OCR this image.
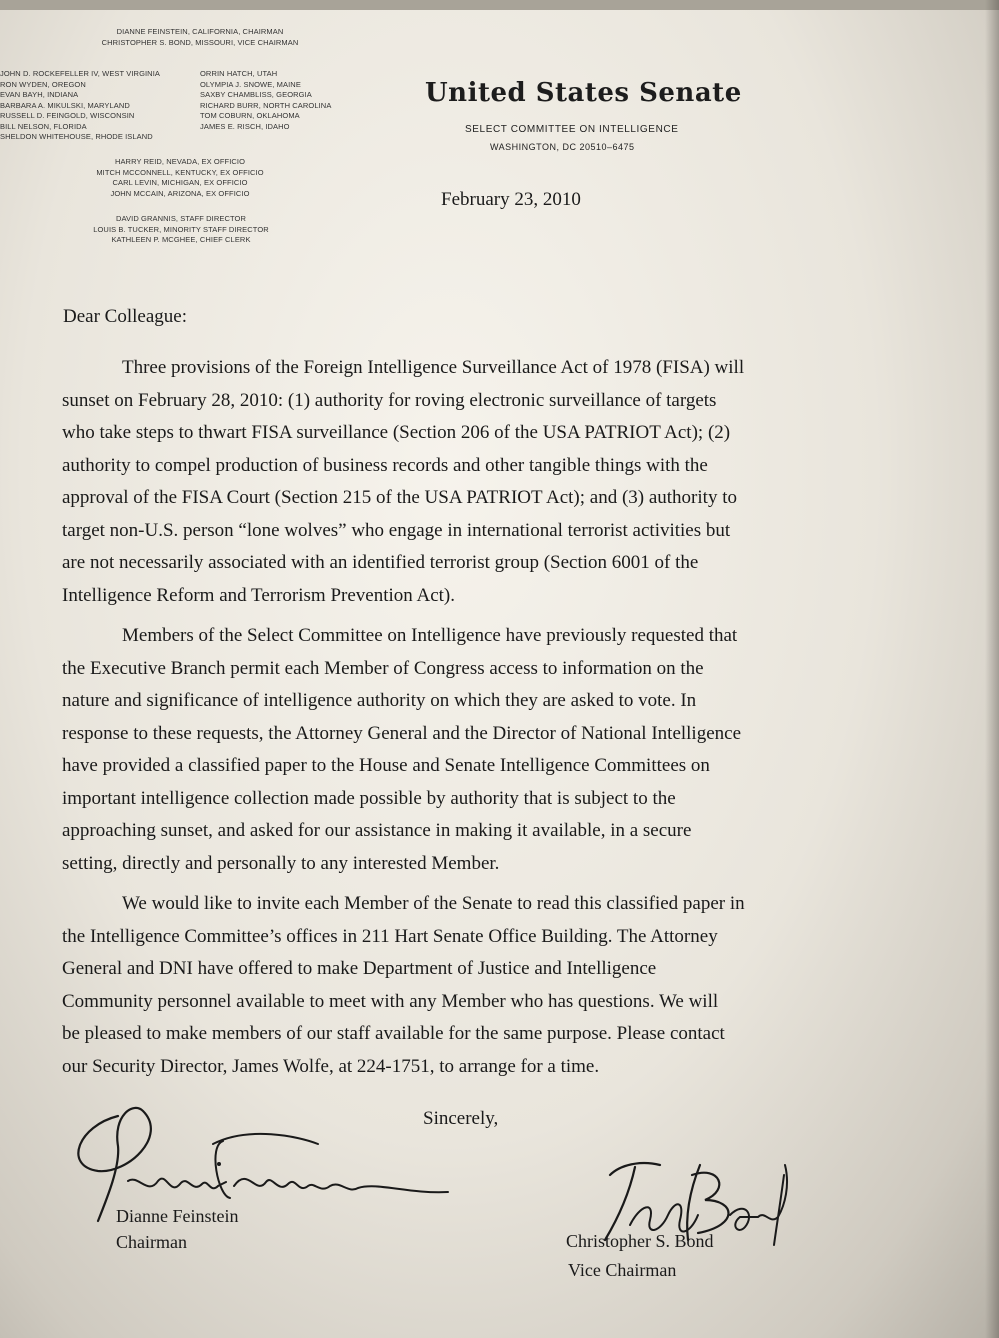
DIANNE FEINSTEIN, CALIFORNIA, CHAIRMAN
CHRISTOPHER S. BOND, MISSOURI, VICE CHAIRMAN
JOHN D. ROCKEFELLER IV, WEST VIRGINIA
RON WYDEN, OREGON
EVAN BAYH, INDIANA
BARBARA A. MIKULSKI, MARYLAND
RUSSELL D. FEINGOLD, WISCONSIN
BILL NELSON, FLORIDA
SHELDON WHITEHOUSE, RHODE ISLAND
ORRIN HATCH, UTAH
OLYMPIA J. SNOWE, MAINE
SAXBY CHAMBLISS, GEORGIA
RICHARD BURR, NORTH CAROLINA
TOM COBURN, OKLAHOMA
JAMES E. RISCH, IDAHO
HARRY REID, NEVADA, EX OFFICIO
MITCH MCCONNELL, KENTUCKY, EX OFFICIO
CARL LEVIN, MICHIGAN, EX OFFICIO
JOHN MCCAIN, ARIZONA, EX OFFICIO
DAVID GRANNIS, STAFF DIRECTOR
LOUIS B. TUCKER, MINORITY STAFF DIRECTOR
KATHLEEN P. MCGHEE, CHIEF CLERK
United States Senate
SELECT COMMITTEE ON INTELLIGENCE
WASHINGTON, DC 20510–6475
February 23, 2010
Dear Colleague:
Three provisions of the Foreign Intelligence Surveillance Act of 1978 (FISA) will
sunset on February 28, 2010: (1) authority for roving electronic surveillance of targets
who take steps to thwart FISA surveillance (Section 206 of the USA PATRIOT Act); (2)
authority to compel production of business records and other tangible things with the
approval of the FISA Court (Section 215 of the USA PATRIOT Act); and (3) authority to
target non-U.S. person “lone wolves” who engage in international terrorist activities but
are not necessarily associated with an identified terrorist group (Section 6001 of the
Intelligence Reform and Terrorism Prevention Act).
Members of the Select Committee on Intelligence have previously requested that
the Executive Branch permit each Member of Congress access to information on the
nature and significance of intelligence authority on which they are asked to vote. In
response to these requests, the Attorney General and the Director of National Intelligence
have provided a classified paper to the House and Senate Intelligence Committees on
important intelligence collection made possible by authority that is subject to the
approaching sunset, and asked for our assistance in making it available, in a secure
setting, directly and personally to any interested Member.
We would like to invite each Member of the Senate to read this classified paper in
the Intelligence Committee’s offices in 211 Hart Senate Office Building. The Attorney
General and DNI have offered to make Department of Justice and Intelligence
Community personnel available to meet with any Member who has questions. We will
be pleased to make members of our staff available for the same purpose. Please contact
our Security Director, James Wolfe, at 224-1751, to arrange for a time.
Sincerely,
Dianne Feinstein
Chairman	Christopher S. Bond
Vice Chairman
